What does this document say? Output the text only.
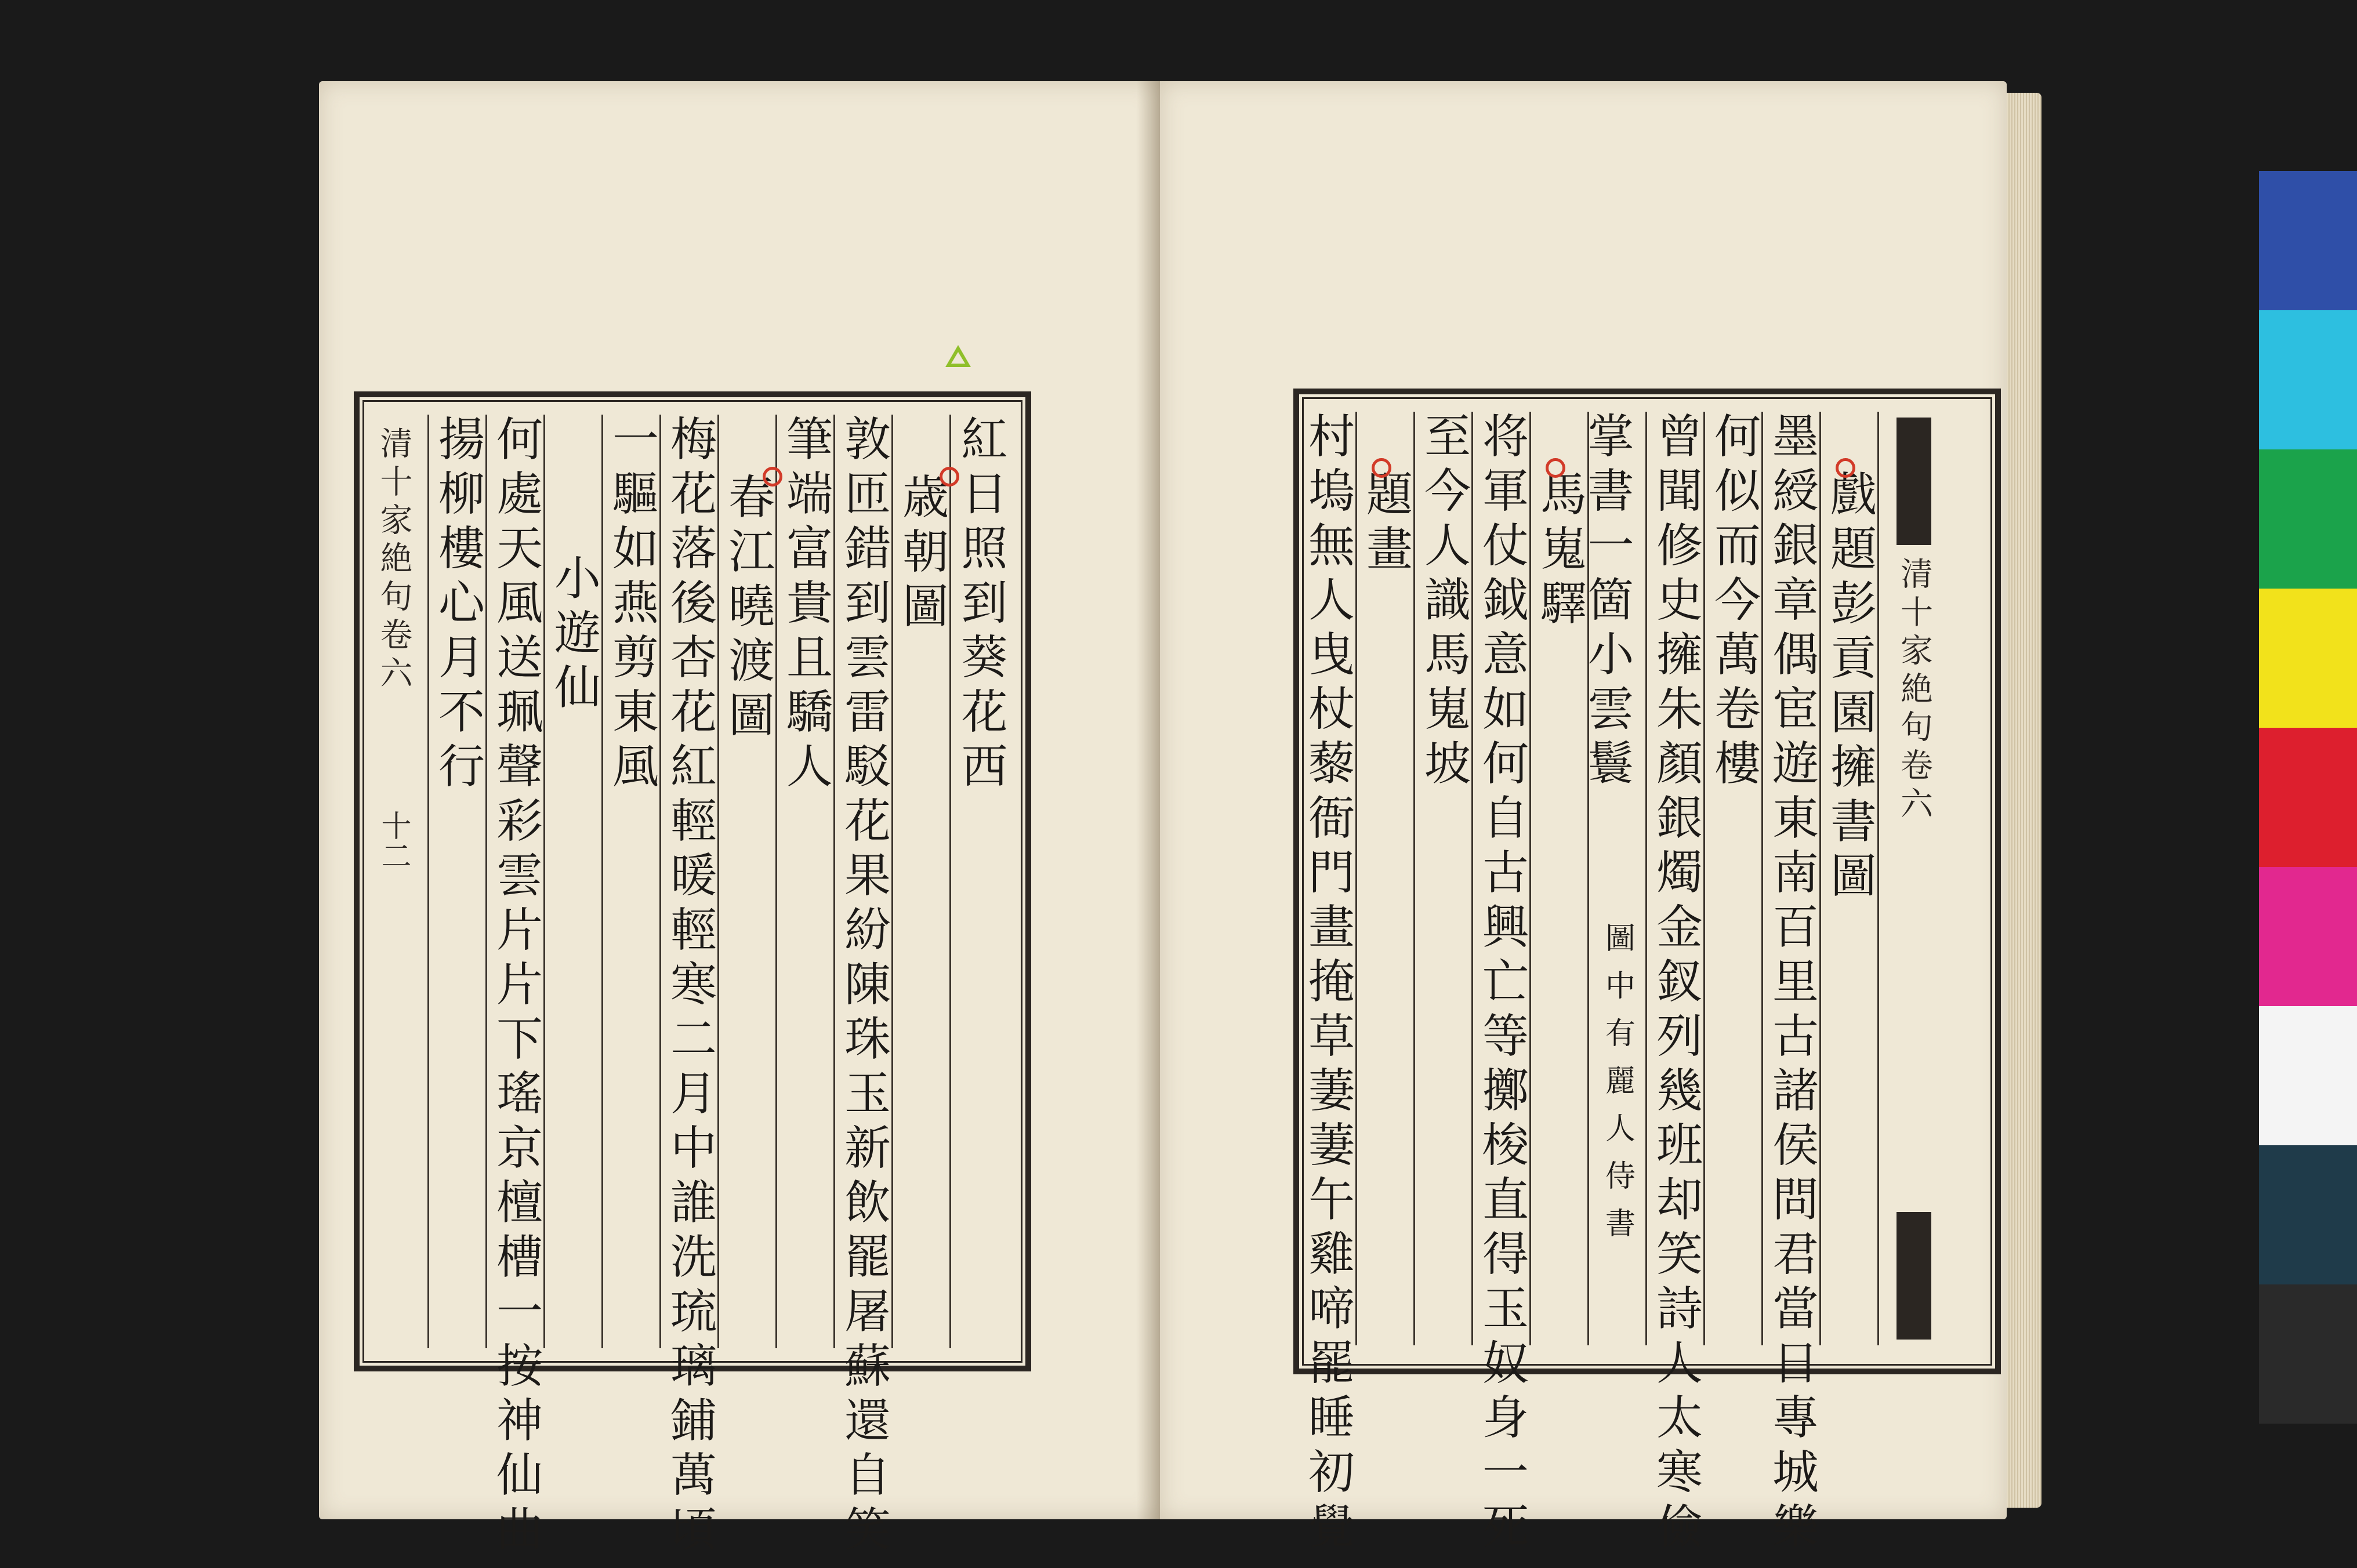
清十家絶句卷六
十二
揚柳樓心月不行 何處天風送珮聲彩雲片片下瑤京檀槽一按神仙曲 小遊仙 一驅如燕剪東風 梅花落後杏花紅輕暖輕寒二月中誰洗琉璃鋪萬頃 春江曉渡圖 筆端富貴且驕人 敦匝錯到雲雷駁花果紛陳珠玉新飲罷屠蘇還自笑 歳朝圖 紅日照到葵花西	村塢無人曳杖藜衙門畫掩草萋萋午雞啼罷睡初覺 題畫 至今人識馬嵬坡 将軍仗鉞意如何自古興亡等擲梭直得玉奴身一死 馬嵬驛
圖中有麗人侍書
掌書一箇小雲鬟 曾聞修史擁朱顏銀燭金釵列幾班却笑詩人太寒儉 何似而今萬卷樓 墨綬銀章偶宦遊東南百里古諸侯問君當日專城樂 戲題彭貢園擁書圖 清十家絶句卷六
